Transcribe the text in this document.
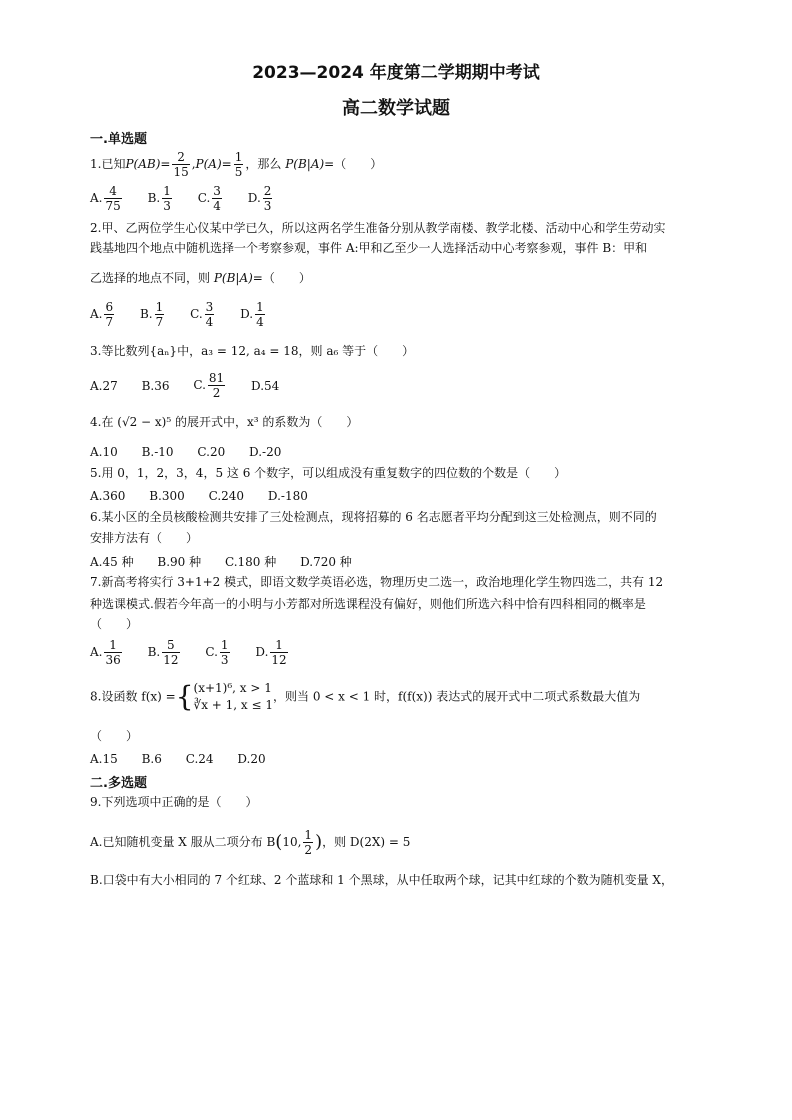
2023—2024 年度第二学期期中考试
高二数学试题
一.单选题
1.已知$P(AB)= \frac{2}{15} ,P(A)= \frac{1}{5}$ ，那么 P(B|A)=（　　）
A. $\frac{4}{75} B$. $\frac{1}{3} C$. $\frac{3}{4} D$. $\frac{2}{3}$
2.甲、乙两位学生心仪某中学已久，所以这两名学生准备分别从教学南楼、教学北楼、活动中心和学生劳动实
践基地四个地点中随机选择一个考察参观，事件 A:甲和乙至少一人选择活动中心考察参观，事件 B：甲和
乙选择的地点不同，则 P(B|A)=（　　）
A. $\frac{6}{7} B$. $\frac{1}{7} C$. $\frac{3}{4} D$. $\frac{1}{4}$
3.等比数列{aₙ}中，a₃ = 12, a₄ = 18，则 a₆ 等于（　　）
A.27 B.36 C. $\frac{81}{2} D.54$
4.在 (√2 − x)⁵ 的展开式中，x³ 的系数为（　　）
A.10 B.-10 C.20 D.-20
5.用 0，1，2，3，4，5 这 6 个数字，可以组成没有重复数字的四位数的个数是（　　）
A.360 B.300 C.240 D.-180
6.某小区的全员核酸检测共安排了三处检测点，现将招募的 6 名志愿者平均分配到这三处检测点，则不同的
安排方法有（　　）
A.45 种 B.90 种 C.180 种 D.720 种
7.新高考将实行 3+1+2 模式，即语文数学英语必选，物理历史二选一，政治地理化学生物四选二，共有 12
种选课模式.假若今年高一的小明与小芳都对所选课程没有偏好，则他们所选六科中恰有四科相同的概率是
（　　）
A. $\frac{1}{36} B$. $\frac{5}{12} C$. $\frac{1}{3} D$. $\frac{1}{12}$
8.设函数 f(x) ={ (x+1)⁶, x > 1
∛x + 1, x ≤ 1
，则当 0 < x < 1 时，f(f(x)) 表达式的展开式中二项式系数最大值为
（　　）
A.15 B.6 C.24 D.20
二.多选题
9.下列选项中正确的是（　　）
A.已知随机变量 X 服从二项分布 B(10, $\frac{1}{2}$ )，则 D(2X) = 5
B.口袋中有大小相同的 7 个红球、2 个蓝球和 1 个黑球，从中任取两个球，记其中红球的个数为随机变量 X，
